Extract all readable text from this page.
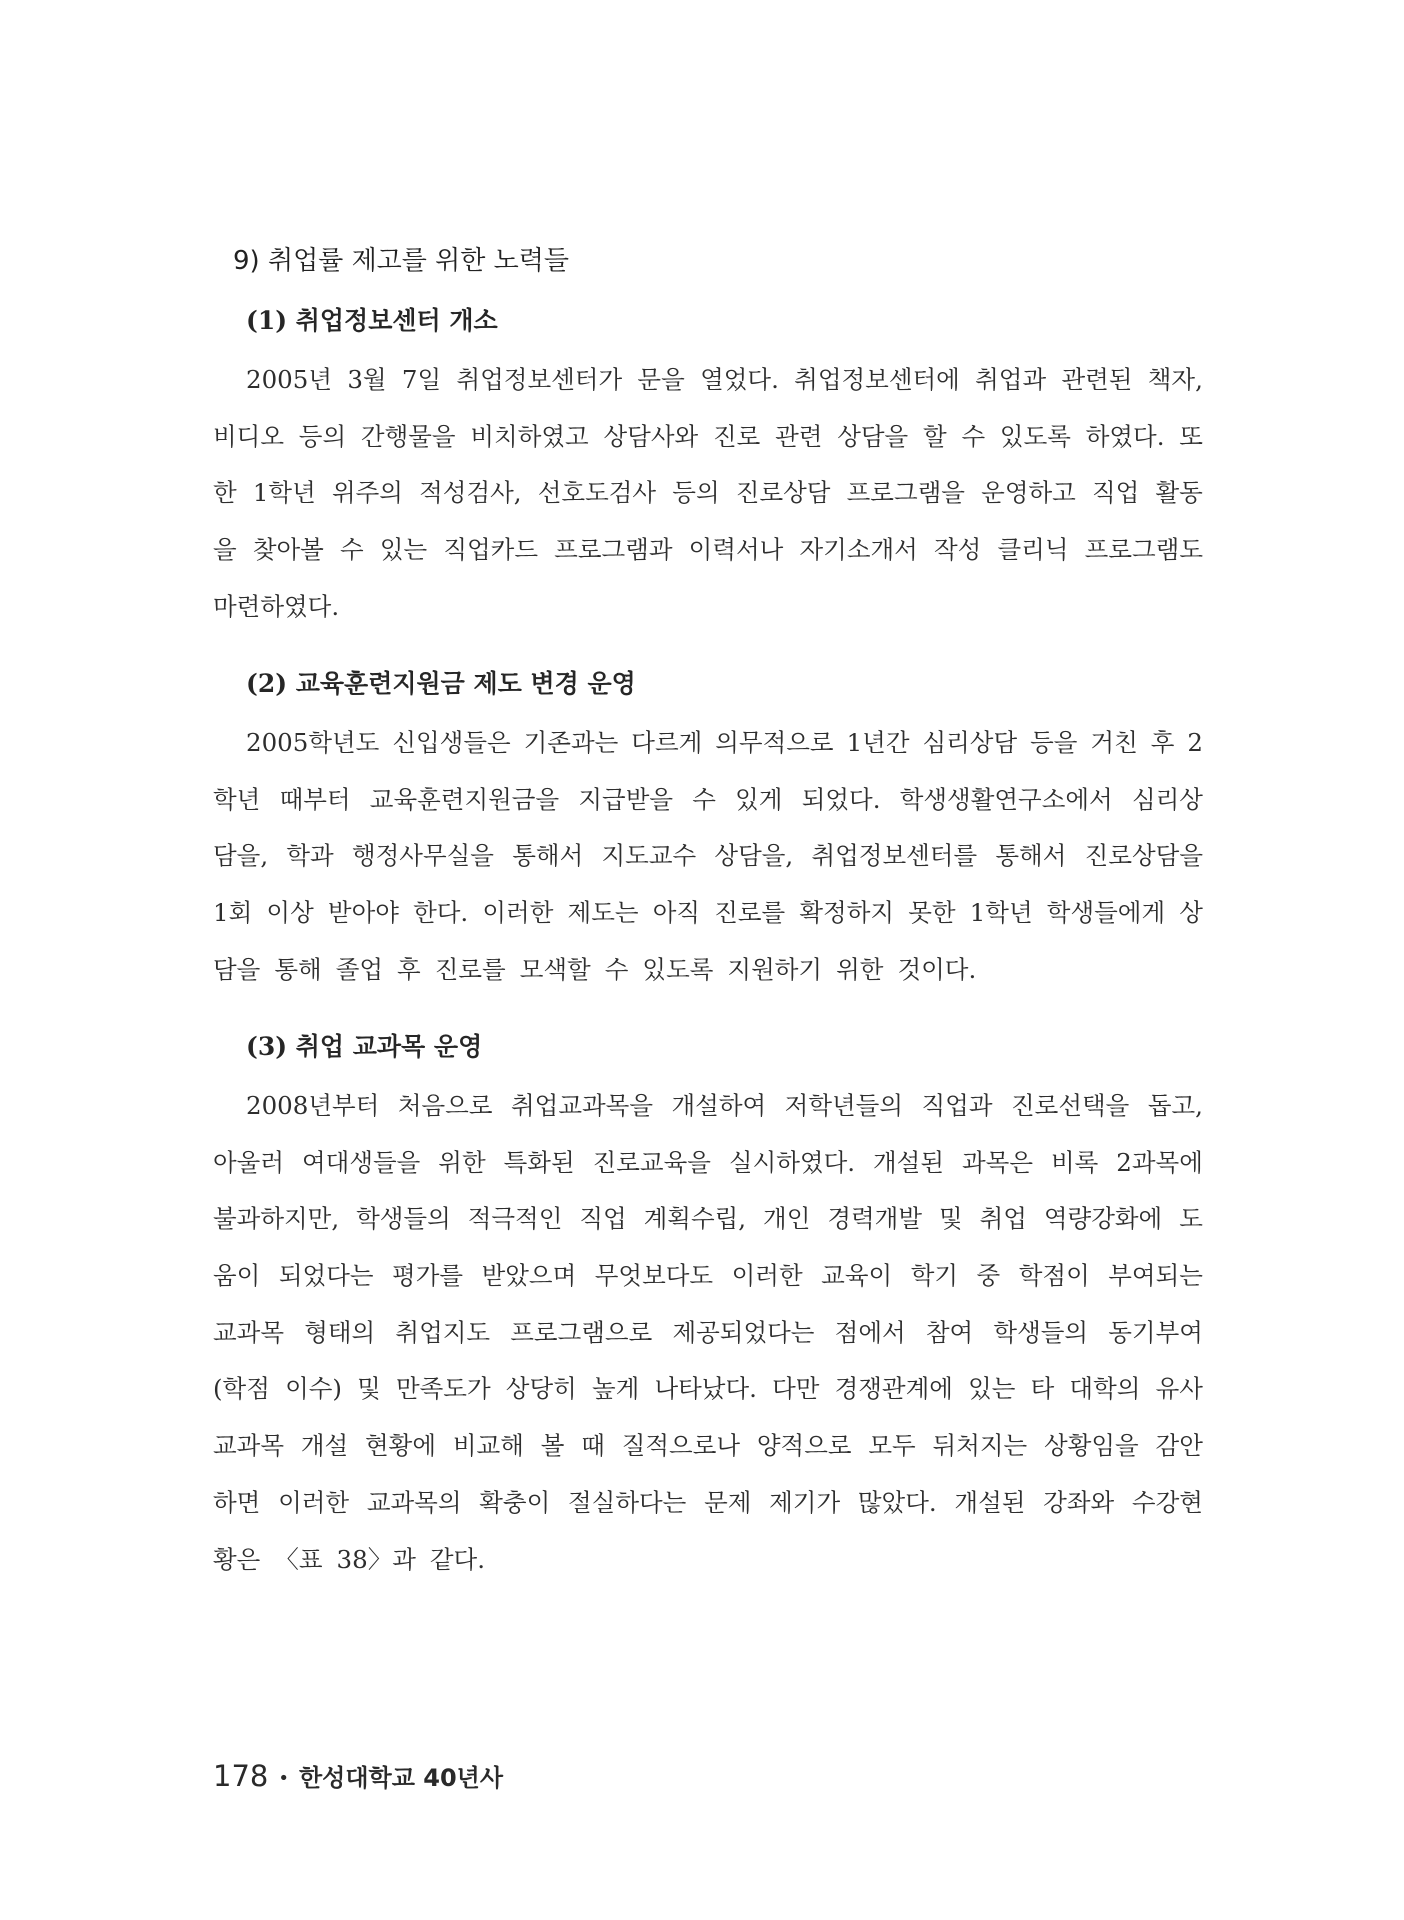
9) 취업률 제고를 위한 노력들
(1) 취업정보센터 개소
2005년 3월 7일 취업정보센터가 문을 열었다. 취업정보센터에 취업과 관련된 책자,
비디오 등의 간행물을 비치하였고 상담사와 진로 관련 상담을 할 수 있도록 하였다. 또
한 1학년 위주의 적성검사, 선호도검사 등의 진로상담 프로그램을 운영하고 직업 활동
을 찾아볼 수 있는 직업카드 프로그램과 이력서나 자기소개서 작성 클리닉 프로그램도
마련하였다.
(2) 교육훈련지원금 제도 변경 운영
2005학년도 신입생들은 기존과는 다르게 의무적으로 1년간 심리상담 등을 거친 후 2
학년 때부터 교육훈련지원금을 지급받을 수 있게 되었다. 학생생활연구소에서 심리상
담을, 학과 행정사무실을 통해서 지도교수 상담을, 취업정보센터를 통해서 진로상담을
1회 이상 받아야 한다. 이러한 제도는 아직 진로를 확정하지 못한 1학년 학생들에게 상
담을 통해 졸업 후 진로를 모색할 수 있도록 지원하기 위한 것이다.
(3) 취업 교과목 운영
2008년부터 처음으로 취업교과목을 개설하여 저학년들의 직업과 진로선택을 돕고,
아울러 여대생들을 위한 특화된 진로교육을 실시하였다. 개설된 과목은 비록 2과목에
불과하지만, 학생들의 적극적인 직업 계획수립, 개인 경력개발 및 취업 역량강화에 도
움이 되었다는 평가를 받았으며 무엇보다도 이러한 교육이 학기 중 학점이 부여되는
교과목 형태의 취업지도 프로그램으로 제공되었다는 점에서 참여 학생들의 동기부여
(학점 이수) 및 만족도가 상당히 높게 나타났다. 다만 경쟁관계에 있는 타 대학의 유사
교과목 개설 현황에 비교해 볼 때 질적으로나 양적으로 모두 뒤처지는 상황임을 감안
하면 이러한 교과목의 확충이 절실하다는 문제 제기가 많았다. 개설된 강좌와 수강현
황은 〈표 38〉과 같다.
178 • 한성대학교 40년사
